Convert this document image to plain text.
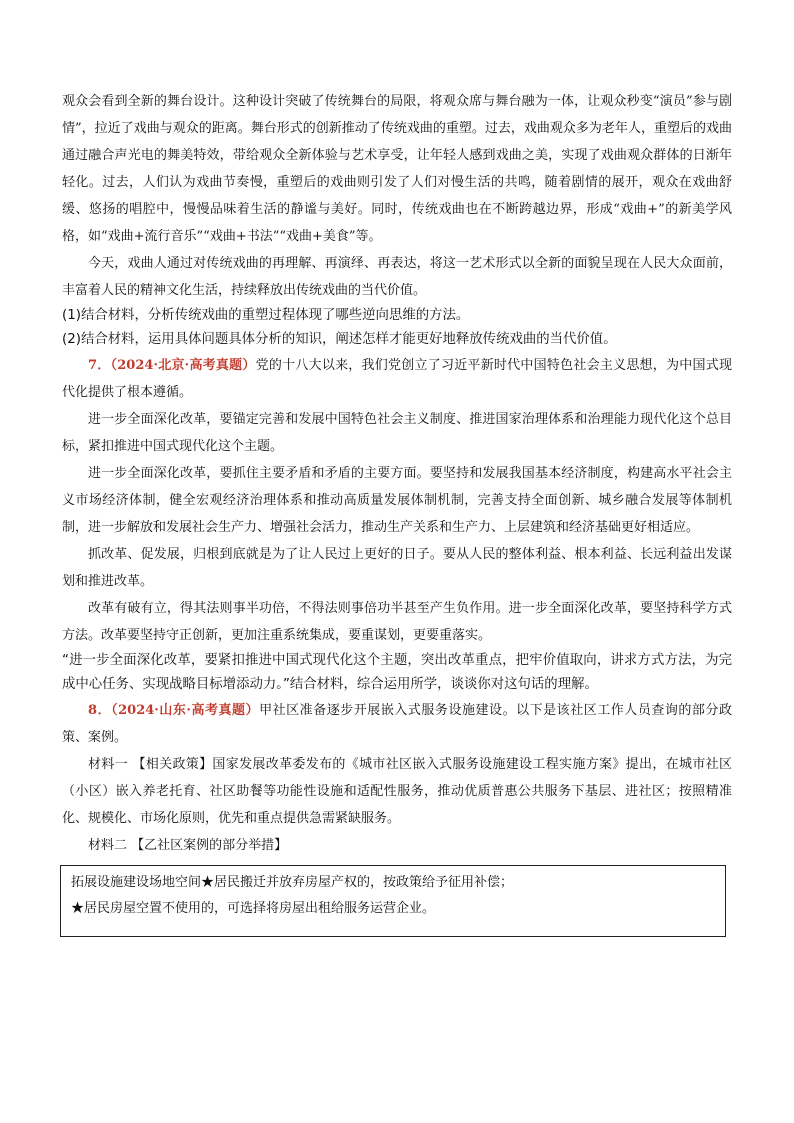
观众会看到全新的舞台设计。这种设计突破了传统舞台的局限，将观众席与舞台融为一体，让观众秒变“演员”参与剧情”，拉近了戏曲与观众的距离。舞台形式的创新推动了传统戏曲的重塑。过去，戏曲观众多为老年人，重塑后的戏曲通过融合声光电的舞美特效，带给观众全新体验与艺术享受，让年轻人感到戏曲之美，实现了戏曲观众群体的日渐年轻化。过去，人们认为戏曲节奏慢，重塑后的戏曲则引发了人们对慢生活的共鸣，随着剧情的展开，观众在戏曲舒缓、悠扬的唱腔中，慢慢品味着生活的静谧与美好。同时，传统戏曲也在不断跨越边界，形成“戏曲+”的新美学风格，如“戏曲+流行音乐”“戏曲+书法”“戏曲+美食”等。

今天，戏曲人通过对传统戏曲的再理解、再演绎、再表达，将这一艺术形式以全新的面貌呈现在人民大众面前，丰富着人民的精神文化生活，持续释放出传统戏曲的当代价值。

(1)结合材料，分析传统戏曲的重塑过程体现了哪些逆向思维的方法。

(2)结合材料，运用具体问题具体分析的知识，阐述怎样才能更好地释放传统戏曲的当代价值。

7．（2024·北京·高考真题）党的十八大以来，我们党创立了习近平新时代中国特色社会主义思想，为中国式现代化提供了根本遵循。

进一步全面深化改革，要锚定完善和发展中国特色社会主义制度、推进国家治理体系和治理能力现代化这个总目标，紧扣推进中国式现代化这个主题。

进一步全面深化改革，要抓住主要矛盾和矛盾的主要方面。要坚持和发展我国基本经济制度，构建高水平社会主义市场经济体制，健全宏观经济治理体系和推动高质量发展体制机制，完善支持全面创新、城乡融合发展等体制机制，进一步解放和发展社会生产力、增强社会活力，推动生产关系和生产力、上层建筑和经济基础更好相适应。

抓改革、促发展，归根到底就是为了让人民过上更好的日子。要从人民的整体利益、根本利益、长远利益出发谋划和推进改革。

改革有破有立，得其法则事半功倍，不得法则事倍功半甚至产生负作用。进一步全面深化改革，要坚持科学方式方法。改革要坚持守正创新，更加注重系统集成，要重谋划，更要重落实。

“进一步全面深化改革，要紧扣推进中国式现代化这个主题，突出改革重点，把牢价值取向，讲求方式方法，为完成中心任务、实现战略目标增添动力。”结合材料，综合运用所学，谈谈你对这句话的理解。

8．（2024·山东·高考真题）甲社区准备逐步开展嵌入式服务设施建设。以下是该社区工作人员查询的部分政策、案例。

材料一 【相关政策】国家发展改革委发布的《城市社区嵌入式服务设施建设工程实施方案》提出，在城市社区（小区）嵌入养老托育、社区助餐等功能性设施和适配性服务，推动优质普惠公共服务下基层、进社区；按照精准化、规模化、市场化原则，优先和重点提供急需紧缺服务。

材料二 【乙社区案例的部分举措】

拓展设施建设场地空间★居民搬迁并放弃房屋产权的，按政策给予征用补偿；

★居民房屋空置不使用的，可选择将房屋出租给服务运营企业。
